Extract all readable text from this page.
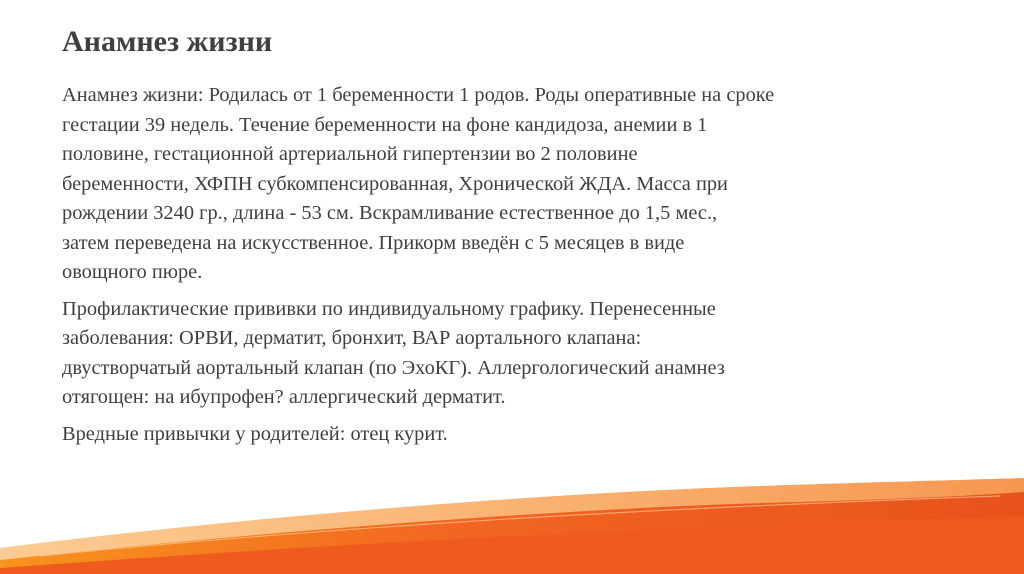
Анамнез жизни

Анамнез жизни: Родилась от 1 беременности 1 родов. Роды оперативные на сроке
гестации 39 недель. Течение беременности на фоне кандидоза, анемии в 1
половине, гестационной артериальной гипертензии во 2 половине
беременности, ХФПН субкомпенсированная, Хронической ЖДА. Масса при
рождении 3240 гр., длина - 53 см. Вскрамливание естественное до 1,5 мес.,
затем переведена на искусственное. Прикорм введён с 5 месяцев в виде
овощного пюре.

Профилактические прививки по индивидуальному графику. Перенесенные
заболевания: ОРВИ, дерматит, бронхит, ВАР аортального клапана:
двустворчатый аортальный клапан (по ЭхоКГ). Аллергологический анамнез
отягощен: на ибупрофен? аллергический дерматит.

Вредные привычки у родителей: отец курит.
